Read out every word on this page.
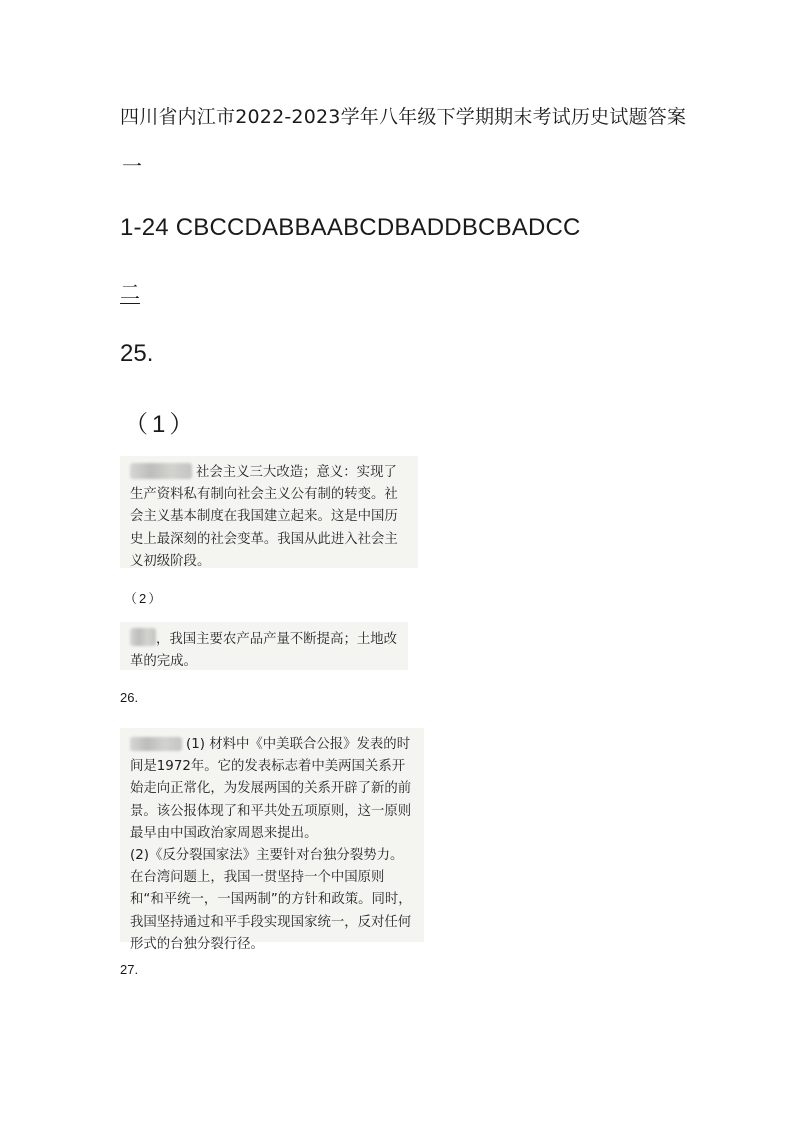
四川省内江市2022-2023学年八年级下学期期末考试历史试题答案
一
1-24 CBCCDABBAABCDBADDBCBADCC
二
25.
（1）
社会主义三大改造；意义：实现了生产资料私有制向社会主义公有制的转变。社会主义基本制度在我国建立起来。这是中国历史上最深刻的社会变革。我国从此进入社会主义初级阶段。
（2）
，我国主要农产品产量不断提高；土地改革的完成。
26.
(1) 材料中《中美联合公报》发表的时间是1972年。它的发表标志着中美两国关系开始走向正常化，为发展两国的关系开辟了新的前景。该公报体现了和平共处五项原则，这一原则最早由中国政治家周恩来提出。
(2)《反分裂国家法》主要针对台独分裂势力。在台湾问题上，我国一贯坚持一个中国原则和“和平统一，一国两制”的方针和政策。同时，我国坚持通过和平手段实现国家统一，反对任何形式的台独分裂行径。
27.
